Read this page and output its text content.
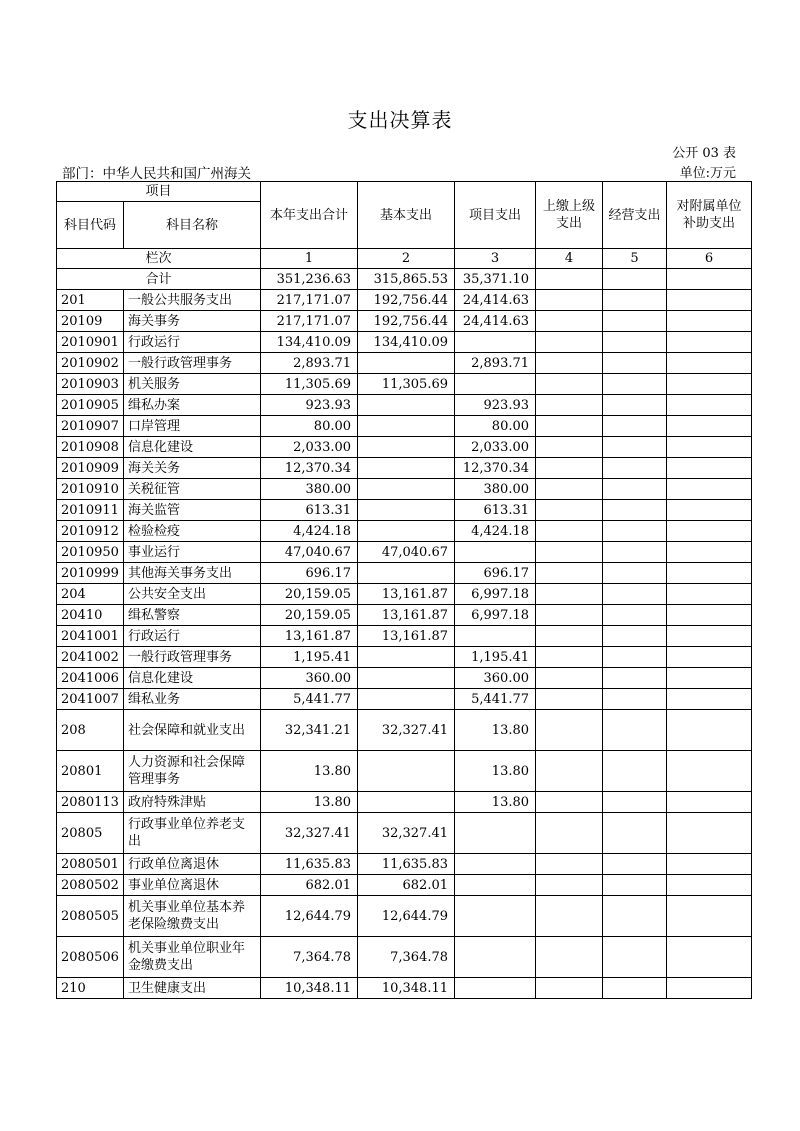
支出决算表
公开 03 表
部门：中华人民共和国广州海关	单位:万元
项目		本年支出合计	基本支出	项目支出	上缴上级支出	经营支出	对附属单位补助支出
科目代码	科目名称						
栏次		1	2	3	4	5	6
合计		351,236.63	315,865.53	35,371.10			
201	一般公共服务支出	217,171.07	192,756.44	24,414.63			
20109	海关事务	217,171.07	192,756.44	24,414.63			
2010901	行政运行	134,410.09	134,410.09				
2010902	一般行政管理事务	2,893.71		2,893.71			
2010903	机关服务	11,305.69	11,305.69				
2010905	缉私办案	923.93		923.93			
2010907	口岸管理	80.00		80.00			
2010908	信息化建设	2,033.00		2,033.00			
2010909	海关关务	12,370.34		12,370.34			
2010910	关税征管	380.00		380.00			
2010911	海关监管	613.31		613.31			
2010912	检验检疫	4,424.18		4,424.18			
2010950	事业运行	47,040.67	47,040.67				
2010999	其他海关事务支出	696.17		696.17			
204	公共安全支出	20,159.05	13,161.87	6,997.18			
20410	缉私警察	20,159.05	13,161.87	6,997.18			
2041001	行政运行	13,161.87	13,161.87				
2041002	一般行政管理事务	1,195.41		1,195.41			
2041006	信息化建设	360.00		360.00			
2041007	缉私业务	5,441.77		5,441.77			
208	社会保障和就业支出	32,341.21	32,327.41	13.80			
20801	人力资源和社会保障管理事务	13.80		13.80			
2080113	政府特殊津贴	13.80		13.80			
20805	行政事业单位养老支出	32,327.41	32,327.41				
2080501	行政单位离退休	11,635.83	11,635.83				
2080502	事业单位离退休	682.01	682.01				
2080505	机关事业单位基本养老保险缴费支出	12,644.79	12,644.79				
2080506	机关事业单位职业年金缴费支出	7,364.78	7,364.78				
210	卫生健康支出	10,348.11	10,348.11				
